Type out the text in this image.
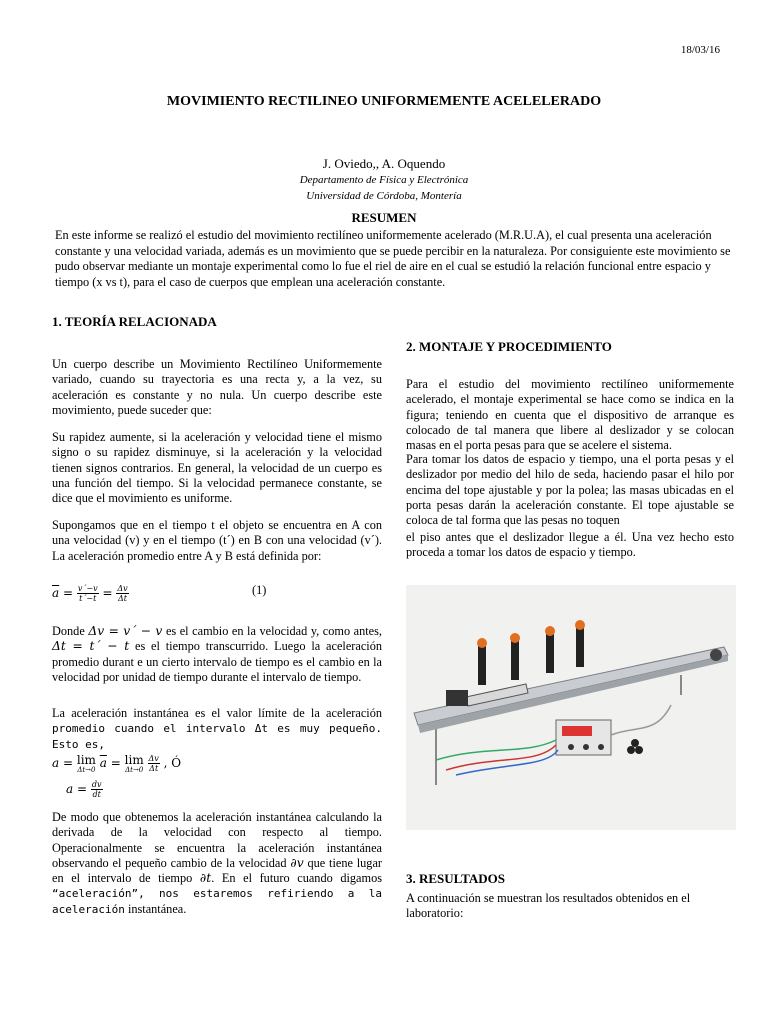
18/03/16
MOVIMIENTO RECTILINEO UNIFORMEMENTE ACELELERADO
J. Oviedo,, A. Oquendo
Departamento de Física y Electrónica
Universidad de Córdoba, Montería
RESUMEN

En este informe se realizó el estudio del movimiento rectilíneo uniformemente acelerado (M.R.U.A), el cual presenta una aceleración constante y una velocidad variada, además es un movimiento que se puede percibir en la naturaleza. Por consiguiente este movimiento se pudo observar mediante un montaje experimental como lo fue el riel de aire en el cual se estudió la relación funcional entre espacio y tiempo (x vs t), para el caso de cuerpos que emplean una aceleración constante.

1. TEORÍA RELACIONADA

Un cuerpo describe un Movimiento Rectilíneo Uniformemente variado, cuando su trayectoria es una recta y, a la vez, su aceleración es constante y no nula. Un cuerpo describe este movimiento, puede suceder que:

Su rapidez aumente, si la aceleración y velocidad tiene el mismo signo o su rapidez disminuye, si la aceleración y la velocidad tienen signos contrarios. En general, la velocidad de un cuerpo es una función del tiempo. Si la velocidad permanece constante, se dice que el movimiento es uniforme.

Supongamos que en el tiempo t el objeto se encuentra en A con una velocidad (v) y en el tiempo (t´) en B con una velocidad (v´). La aceleración promedio entre A y B está definida por:

$\overline{a} = \frac{v´-v}{t´-t} = \frac{\Delta v}{\Delta t}$	(1)

Donde Δv = v´ − v es el cambio en la velocidad y, como antes, Δt = t´ − t es el tiempo transcurrido. Luego la aceleración promedio durant e un cierto intervalo de tiempo es el cambio en la velocidad por unidad de tiempo durante el intervalo de tiempo.

La aceleración instantánea es el valor límite de la aceleración promedio cuando el intervalo Δt es muy pequeño. Esto es,

a = lim
Δt→0 $\overline{a} = \lim$
Δt→0
$\frac{\Delta v}{\Delta t}$ , Ó
$a = \frac{dv}{dt}$

De modo que obtenemos la aceleración instantánea calculando la derivada de la velocidad con respecto al tiempo. Operacionalmente se encuentra la aceleración instantánea observando el pequeño cambio de la velocidad ∂v que tiene lugar en el intervalo de tiempo ∂t. En el futuro cuando digamos “aceleración”, nos estaremos refiriendo a la aceleración instantánea.

2. MONTAJE Y PROCEDIMIENTO

Para el estudio del movimiento rectilíneo uniformemente acelerado, el montaje experimental se hace como se indica en la figura; teniendo en cuenta que el dispositivo de arranque es colocado de tal manera que libere al deslizador y se colocan masas en el porta pesas para que se acelere el sistema.

Para tomar los datos de espacio y tiempo, una el porta pesas y el deslizador por medio del hilo de seda, haciendo pasar el hilo por encima del tope ajustable y por la polea; las masas ubicadas en el porta pesas darán la aceleración constante. El tope ajustable se coloca de tal forma que las pesas no toquen

el piso antes que el deslizador llegue a él. Una vez hecho esto proceda a tomar los datos de espacio y tiempo.

3. RESULTADOS

A continuación se muestran los resultados obtenidos en el laboratorio:
